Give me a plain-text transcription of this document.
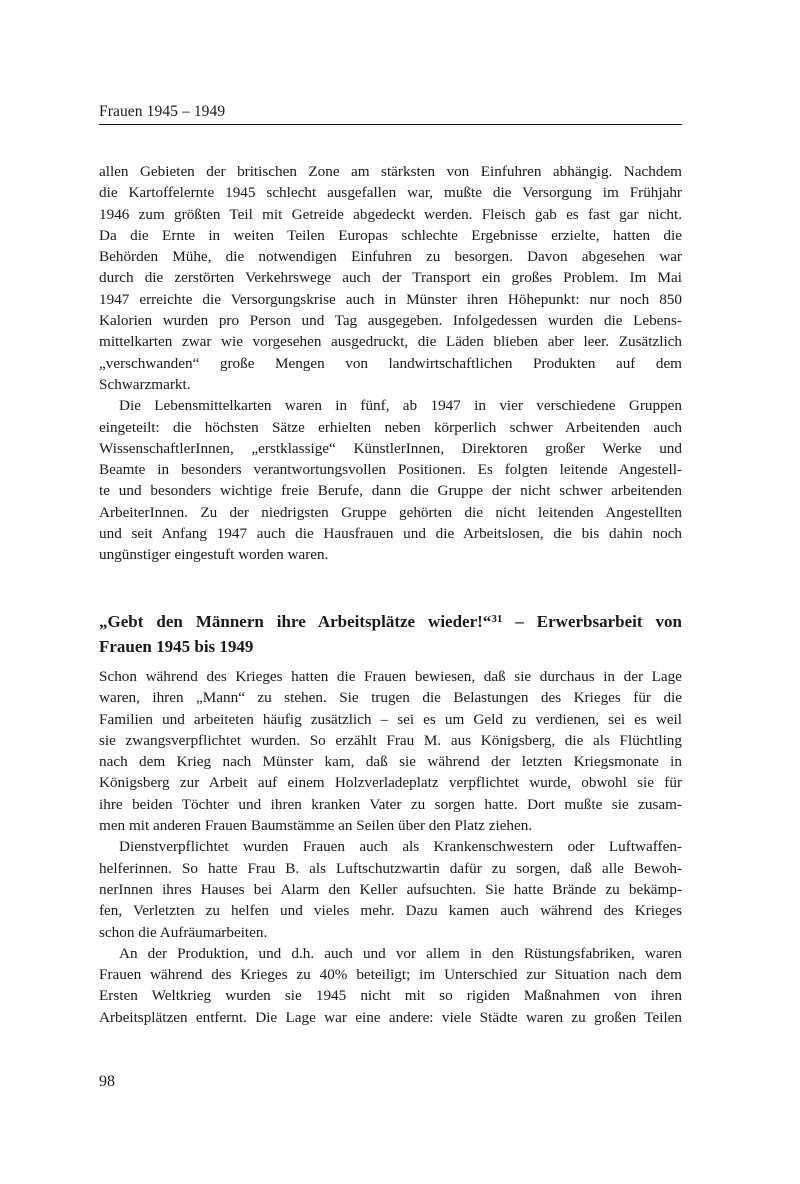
Frauen 1945 – 1949

allen Gebieten der britischen Zone am stärksten von Einfuhren abhängig. Nachdem
die Kartoffelernte 1945 schlecht ausgefallen war, mußte die Versorgung im Frühjahr
1946 zum größten Teil mit Getreide abgedeckt werden. Fleisch gab es fast gar nicht.
Da die Ernte in weiten Teilen Europas schlechte Ergebnisse erzielte, hatten die
Behörden Mühe, die notwendigen Einfuhren zu besorgen. Davon abgesehen war
durch die zerstörten Verkehrswege auch der Transport ein großes Problem. Im Mai
1947 erreichte die Versorgungskrise auch in Münster ihren Höhepunkt: nur noch 850
Kalorien wurden pro Person und Tag ausgegeben. Infolgedessen wurden die Lebens-
mittelkarten zwar wie vorgesehen ausgedruckt, die Läden blieben aber leer. Zusätzlich
„verschwanden“ große Mengen von landwirtschaftlichen Produkten auf dem
Schwarzmarkt.

Die Lebensmittelkarten waren in fünf, ab 1947 in vier verschiedene Gruppen
eingeteilt: die höchsten Sätze erhielten neben körperlich schwer Arbeitenden auch
WissenschaftlerInnen, „erstklassige“ KünstlerInnen, Direktoren großer Werke und
Beamte in besonders verantwortungsvollen Positionen. Es folgten leitende Angestell-
te und besonders wichtige freie Berufe, dann die Gruppe der nicht schwer arbeitenden
ArbeiterInnen. Zu der niedrigsten Gruppe gehörten die nicht leitenden Angestellten
und seit Anfang 1947 auch die Hausfrauen und die Arbeitslosen, die bis dahin noch
ungünstiger eingestuft worden waren.

„Gebt den Männern ihre Arbeitsplätze wieder!“$^{31}$ – Erwerbsarbeit von
Frauen 1945 bis 1949

Schon während des Krieges hatten die Frauen bewiesen, daß sie durchaus in der Lage
waren, ihren „Mann“ zu stehen. Sie trugen die Belastungen des Krieges für die
Familien und arbeiteten häufig zusätzlich – sei es um Geld zu verdienen, sei es weil
sie zwangsverpflichtet wurden. So erzählt Frau M. aus Königsberg, die als Flüchtling
nach dem Krieg nach Münster kam, daß sie während der letzten Kriegsmonate in
Königsberg zur Arbeit auf einem Holzverladeplatz verpflichtet wurde, obwohl sie für
ihre beiden Töchter und ihren kranken Vater zu sorgen hatte. Dort mußte sie zusam-
men mit anderen Frauen Baumstämme an Seilen über den Platz ziehen.

Dienstverpflichtet wurden Frauen auch als Krankenschwestern oder Luftwaffen-
helferinnen. So hatte Frau B. als Luftschutzwartin dafür zu sorgen, daß alle Bewoh-
nerInnen ihres Hauses bei Alarm den Keller aufsuchten. Sie hatte Brände zu bekämp-
fen, Verletzten zu helfen und vieles mehr. Dazu kamen auch während des Krieges
schon die Aufräumarbeiten.

An der Produktion, und d.h. auch und vor allem in den Rüstungsfabriken, waren
Frauen während des Krieges zu 40% beteiligt; im Unterschied zur Situation nach dem
Ersten Weltkrieg wurden sie 1945 nicht mit so rigiden Maßnahmen von ihren
Arbeitsplätzen entfernt. Die Lage war eine andere: viele Städte waren zu großen Teilen

98
